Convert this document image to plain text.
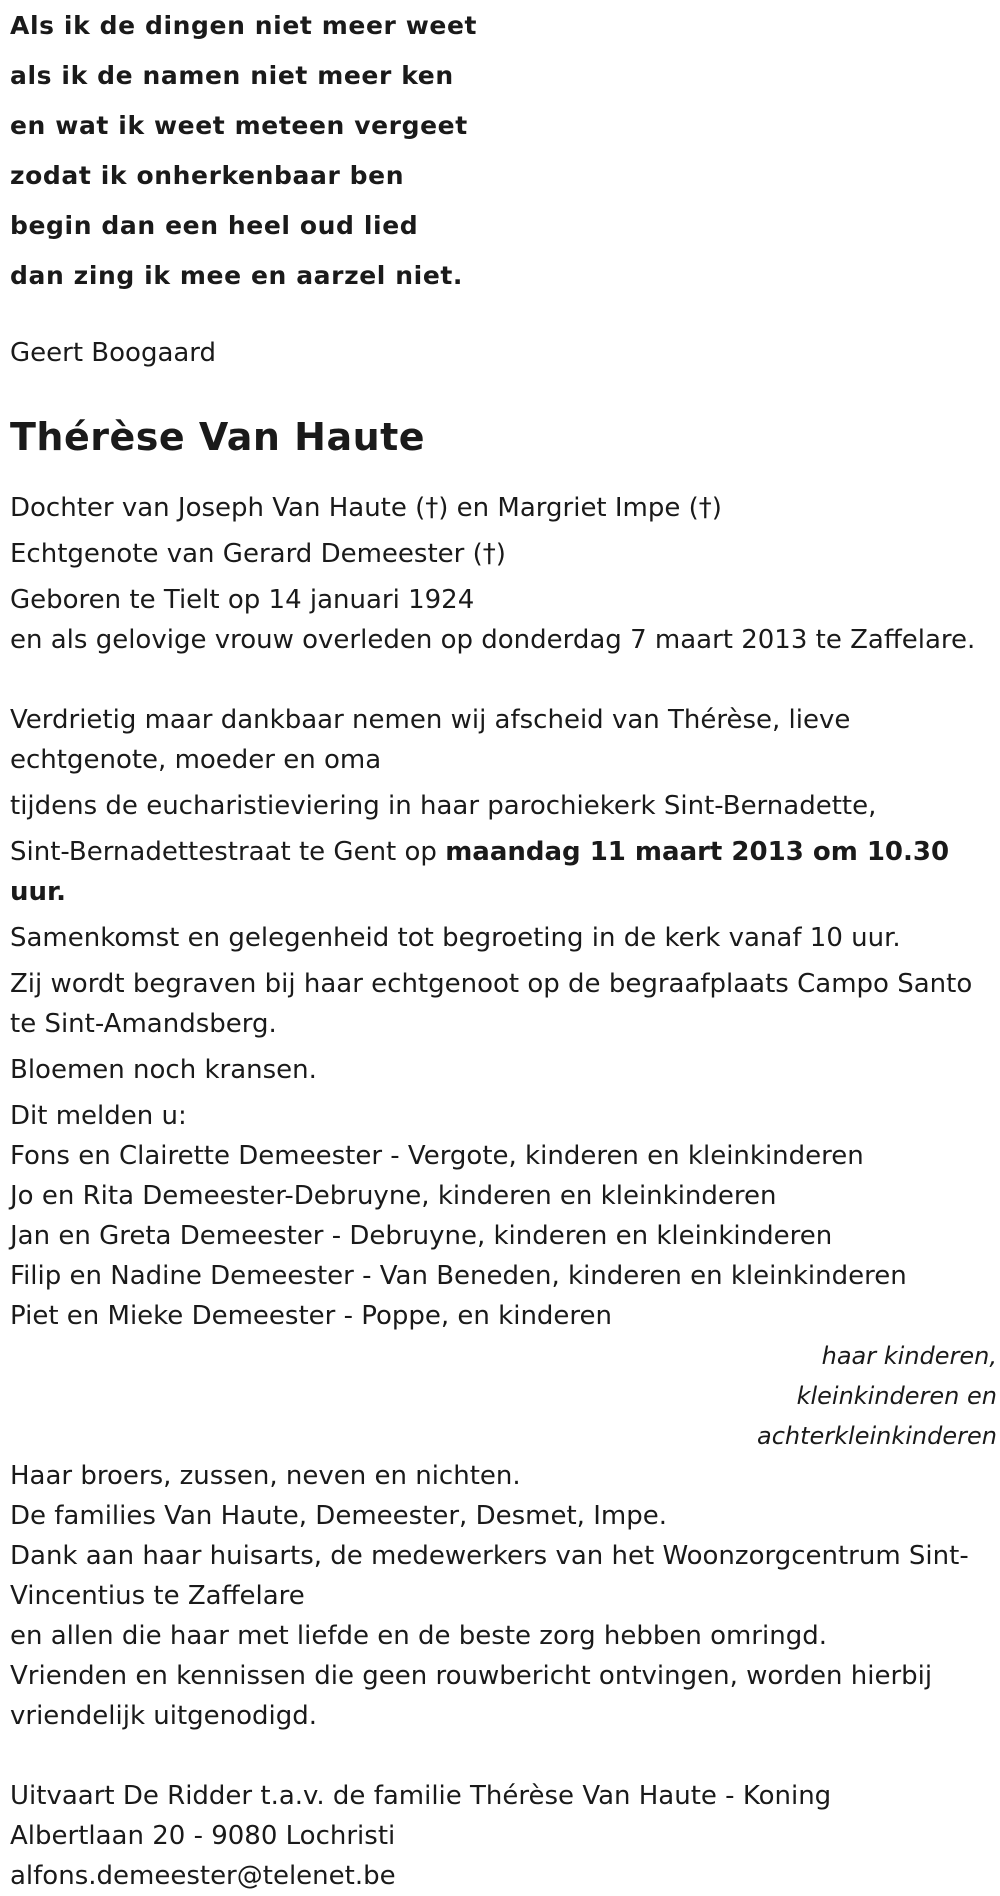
Als ik de dingen niet meer weet
als ik de namen niet meer ken
en wat ik weet meteen vergeet
zodat ik onherkenbaar ben
begin dan een heel oud lied
dan zing ik mee en aarzel niet.
Geert Boogaard
Thérèse Van Haute
Dochter van Joseph Van Haute (†) en Margriet Impe (†)
Echtgenote van Gerard Demeester (†)
Geboren te Tielt op 14 januari 1924
en als gelovige vrouw overleden op donderdag 7 maart 2013 te Zaffelare.
Verdrietig maar dankbaar nemen wij afscheid van Thérèse, lieve echtgenote, moeder en oma
tijdens de eucharistieviering in haar parochiekerk Sint-Bernadette,
Sint-Bernadettestraat te Gent op maandag 11 maart 2013 om 10.30 uur.
Samenkomst en gelegenheid tot begroeting in de kerk vanaf 10 uur.
Zij wordt begraven bij haar echtgenoot op de begraafplaats Campo Santo te Sint-Amandsberg.
Bloemen noch kransen.
Dit melden u:
Fons en Clairette Demeester - Vergote, kinderen en kleinkinderen
Jo en Rita Demeester-Debruyne, kinderen en kleinkinderen
Jan en Greta Demeester - Debruyne, kinderen en kleinkinderen
Filip en Nadine Demeester - Van Beneden, kinderen en kleinkinderen
Piet en Mieke Demeester - Poppe, en kinderen
haar kinderen,
kleinkinderen en
achterkleinkinderen
Haar broers, zussen, neven en nichten.
De families Van Haute, Demeester, Desmet, Impe.
Dank aan haar huisarts, de medewerkers van het Woonzorgcentrum Sint-Vincentius te Zaffelare
en allen die haar met liefde en de beste zorg hebben omringd.
Vrienden en kennissen die geen rouwbericht ontvingen, worden hierbij vriendelijk uitgenodigd.
Uitvaart De Ridder t.a.v. de familie Thérèse Van Haute - Koning
Albertlaan 20 - 9080 Lochristi
alfons.demeester@telenet.be
